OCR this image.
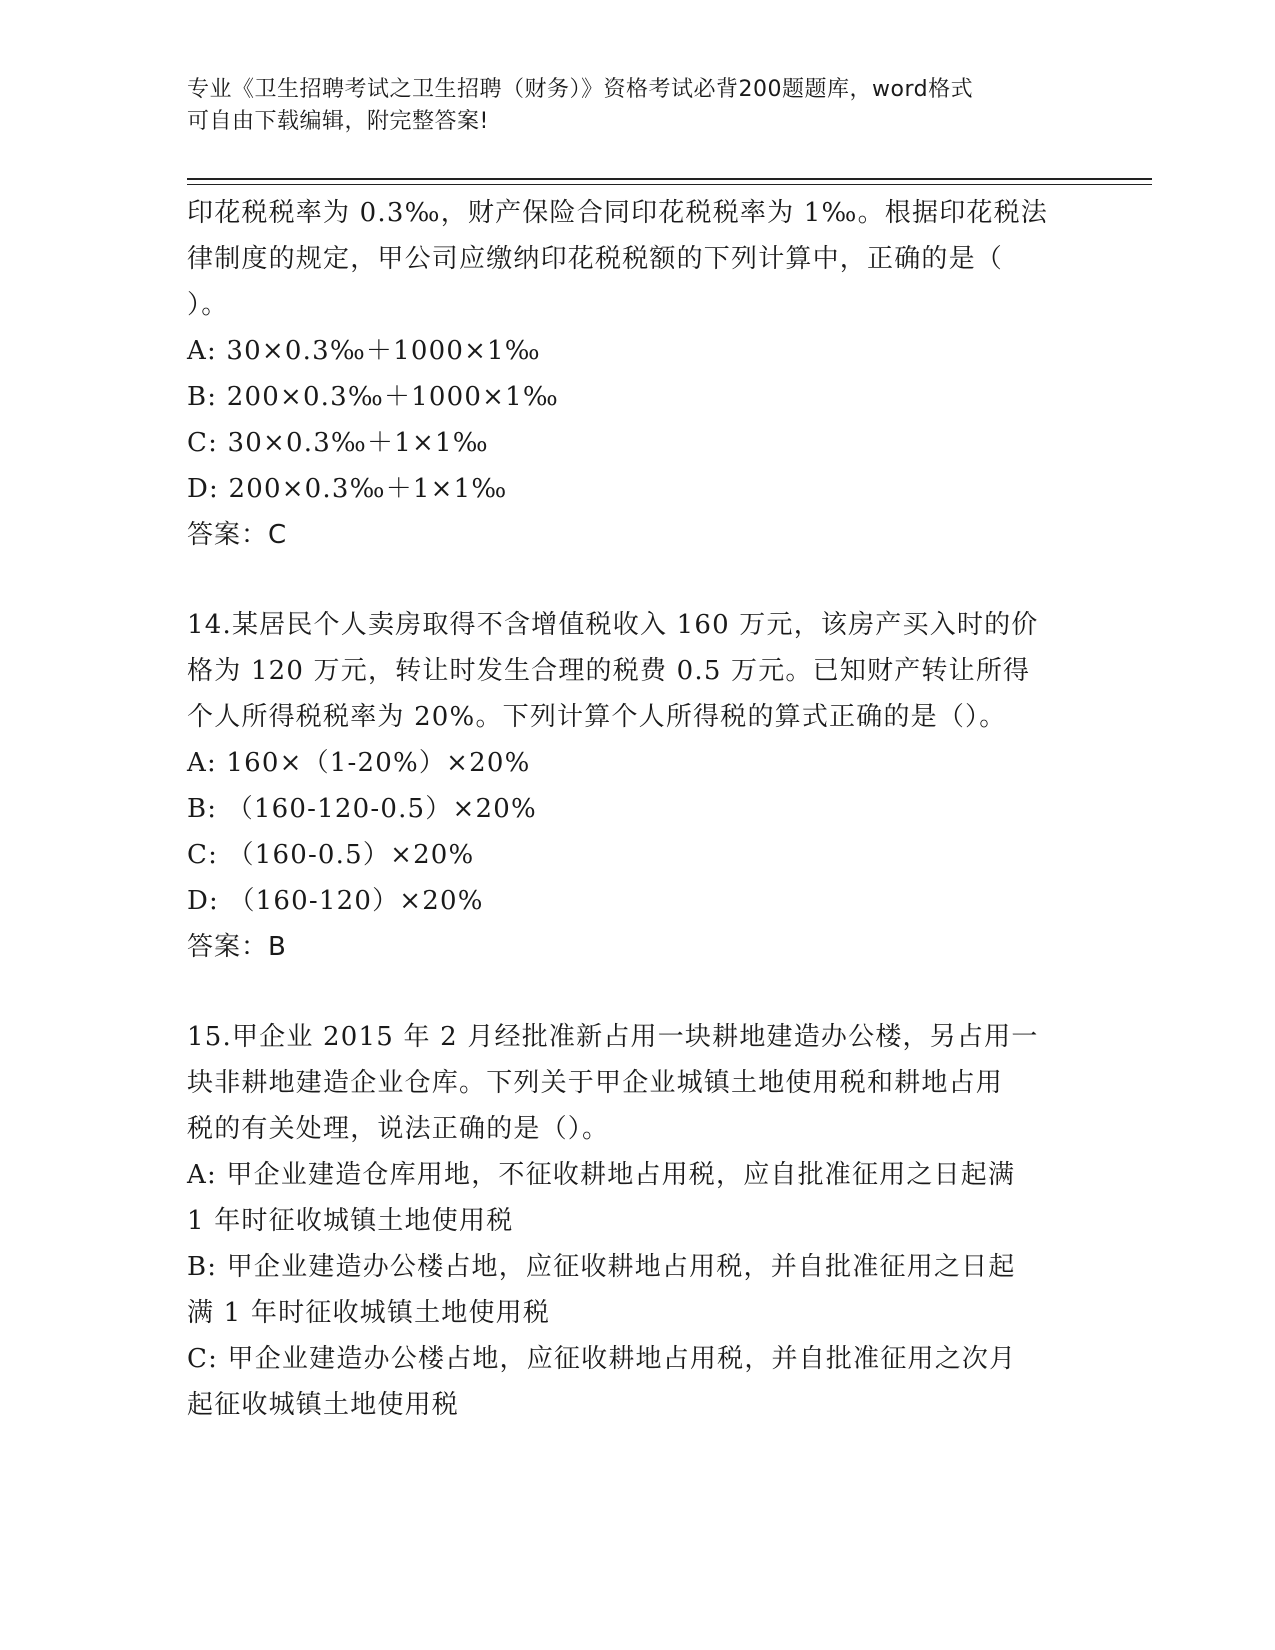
专业《卫生招聘考试之卫生招聘（财务）》资格考试必背200题题库，word格式
可自由下载编辑，附完整答案!
印花税税率为 0.3‰，财产保险合同印花税税率为 1‰。根据印花税法
律制度的规定，甲公司应缴纳印花税税额的下列计算中，正确的是（
）。
A: 30×0.3‰＋1000×1‰
B: 200×0.3‰＋1000×1‰
C: 30×0.3‰＋1×1‰
D: 200×0.3‰＋1×1‰
答案：C
14.某居民个人卖房取得不含增值税收入 160 万元，该房产买入时的价
格为 120 万元，转让时发生合理的税费 0.5 万元。已知财产转让所得
个人所得税税率为 20%。下列计算个人所得税的算式正确的是（）。
A: 160×（1-20%）×20%
B: （160-120-0.5）×20%
C: （160-0.5）×20%
D: （160-120）×20%
答案：B
15.甲企业 2015 年 2 月经批准新占用一块耕地建造办公楼，另占用一
块非耕地建造企业仓库。下列关于甲企业城镇土地使用税和耕地占用
税的有关处理，说法正确的是（）。
A: 甲企业建造仓库用地，不征收耕地占用税，应自批准征用之日起满
1 年时征收城镇土地使用税
B: 甲企业建造办公楼占地，应征收耕地占用税，并自批准征用之日起
满 1 年时征收城镇土地使用税
C: 甲企业建造办公楼占地，应征收耕地占用税，并自批准征用之次月
起征收城镇土地使用税
